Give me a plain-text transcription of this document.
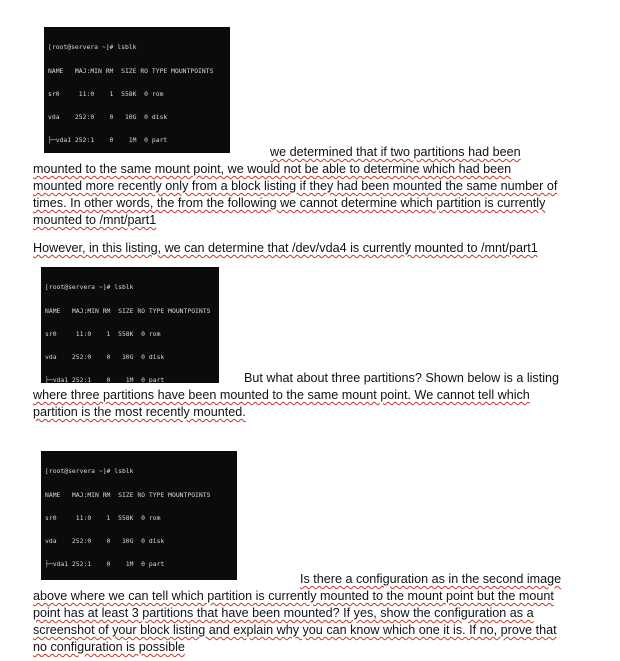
[root@servera ~]# lsblk

NAME   MAJ:MIN RM  SIZE RO TYPE MOUNTPOINTS

sr0     11:0    1  558K  0 rom

vda    252:0    0   10G  0 disk

├─vda1 252:1    0    1M  0 part

we determined that if two partitions had been
mounted to the same mount point, we would not be able to determine which had been
mounted more recently only from a block listing if they had been mounted the same number of
times. In other words, the from the following we cannot determine which partition is currently
mounted to /mnt/part1
However, in this listing, we can determine that /dev/vda4 is currently mounted to /mnt/part1

[root@servera ~]# lsblk

NAME   MAJ:MIN RM  SIZE RO TYPE MOUNTPOINTS

sr0     11:0    1  558K  0 rom

vda    252:0    0   10G  0 disk

├─vda1 252:1    0    1M  0 part

	But what about three partitions? Shown below is a listing
where three partitions have been mounted to the same mount point. We cannot tell which
partition is the most recently mounted.

[root@servera ~]# lsblk

NAME   MAJ:MIN RM  SIZE RO TYPE MOUNTPOINTS

sr0     11:0    1  558K  0 rom

vda    252:0    0   10G  0 disk

├─vda1 252:1    0    1M  0 part

Is there a configuration as in the second image
above where we can tell which partition is currently mounted to the mount point but the mount
point has at least 3 partitions that have been mounted? If yes, show the configuration as a
screenshot of your block listing and explain why you can know which one it is. If no, prove that
no configuration is possible
